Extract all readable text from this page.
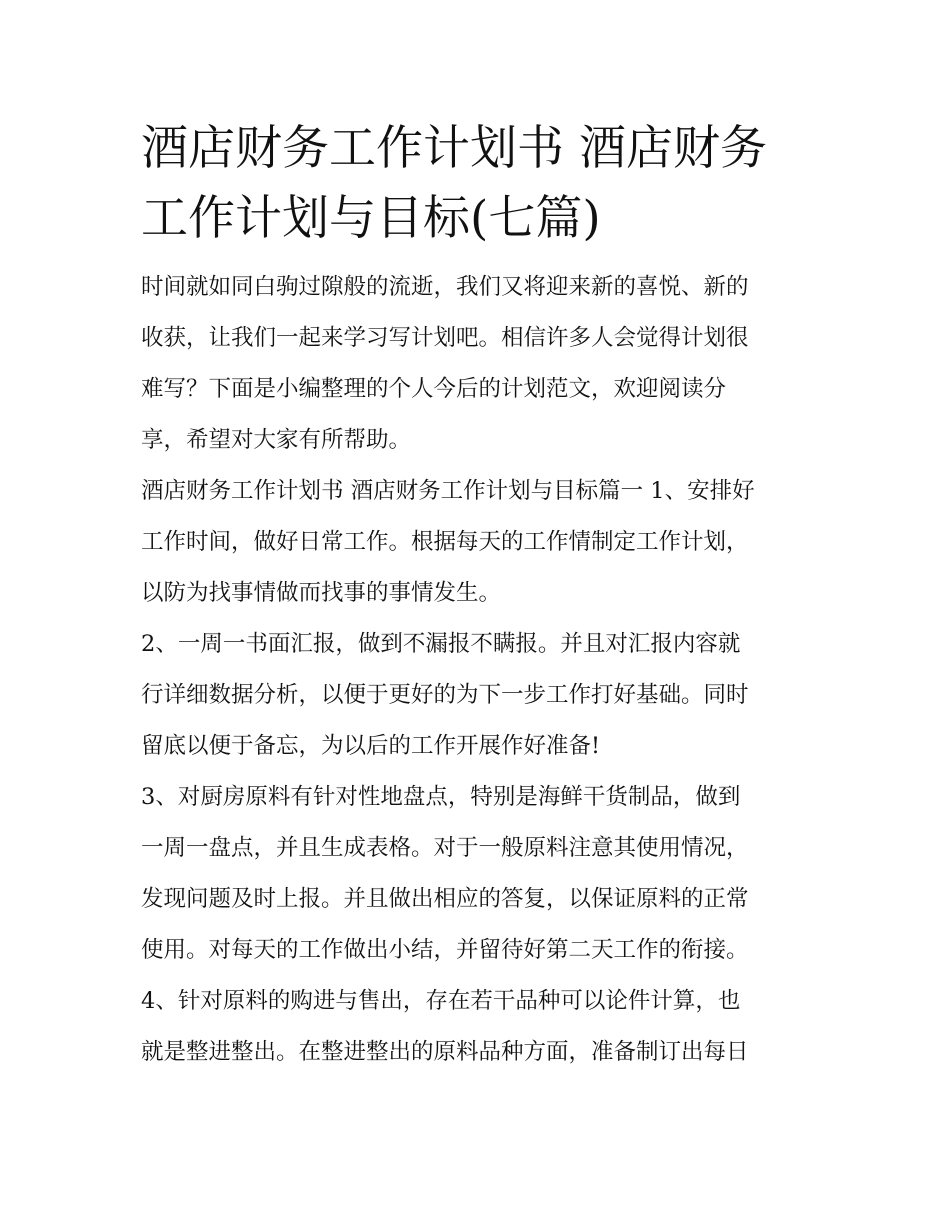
酒店财务工作计划书 酒店财务
工作计划与目标(七篇)

时间就如同白驹过隙般的流逝，我们又将迎来新的喜悦、新的
收获，让我们一起来学习写计划吧。相信许多人会觉得计划很
难写？下面是小编整理的个人今后的计划范文，欢迎阅读分
享，希望对大家有所帮助。

酒店财务工作计划书 酒店财务工作计划与目标篇一 1、安排好
工作时间，做好日常工作。根据每天的工作情制定工作计划，
以防为找事情做而找事的事情发生。

2、一周一书面汇报，做到不漏报不瞒报。并且对汇报内容就
行详细数据分析，以便于更好的为下一步工作打好基础。同时
留底以便于备忘，为以后的工作开展作好准备!

3、对厨房原料有针对性地盘点，特别是海鲜干货制品，做到
一周一盘点，并且生成表格。对于一般原料注意其使用情况，
发现问题及时上报。并且做出相应的答复，以保证原料的正常
使用。对每天的工作做出小结，并留待好第二天工作的衔接。

4、针对原料的购进与售出，存在若干品种可以论件计算，也
就是整进整出。在整进整出的原料品种方面，准备制订出每日
